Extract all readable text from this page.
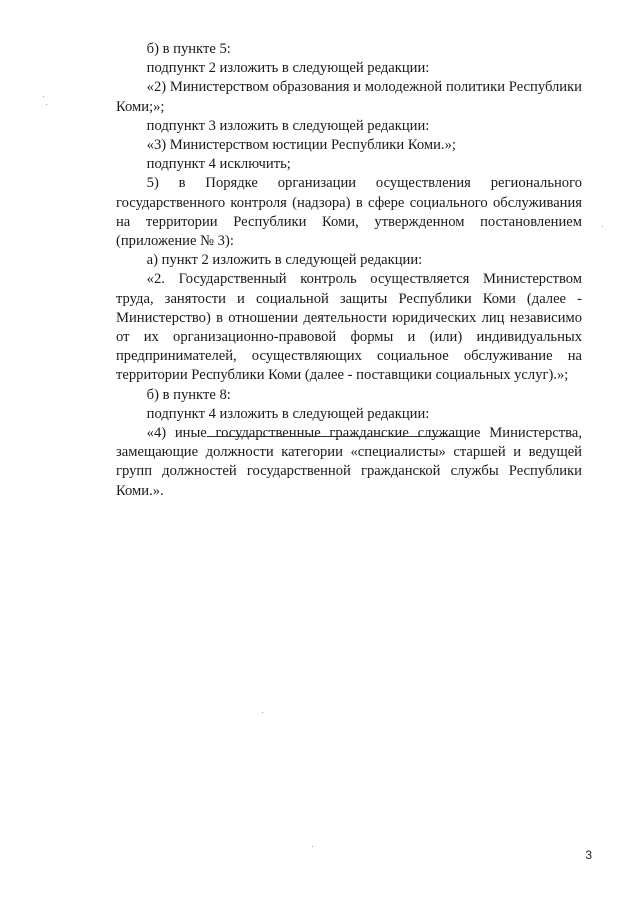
б) в пункте 5:

подпункт 2 изложить в следующей редакции:

«2) Министерством образования и молодежной политики Республики Коми;»;

подпункт 3 изложить в следующей редакции:

«3) Министерством юстиции Республики Коми.»;

подпункт 4 исключить;

5) в Порядке организации осуществления регионального государственного контроля (надзора) в сфере социального обслуживания на территории Республики Коми, утвержденном постановлением (приложение № 3):

а) пункт 2 изложить в следующей редакции:

«2. Государственный контроль осуществляется Министерством труда, занятости и социальной защиты Республики Коми (далее - Министерство) в отношении деятельности юридических лиц независимо от их организационно-правовой формы и (или) индивидуальных предпринимателей, осуществляющих социальное обслуживание на территории Республики Коми (далее - поставщики социальных услуг).»;

б) в пункте 8:

подпункт 4 изложить в следующей редакции:

«4) иные государственные гражданские служащие Министерства, замещающие должности категории «специалисты» старшей и ведущей групп должностей государственной гражданской службы Республики Коми.».

3
